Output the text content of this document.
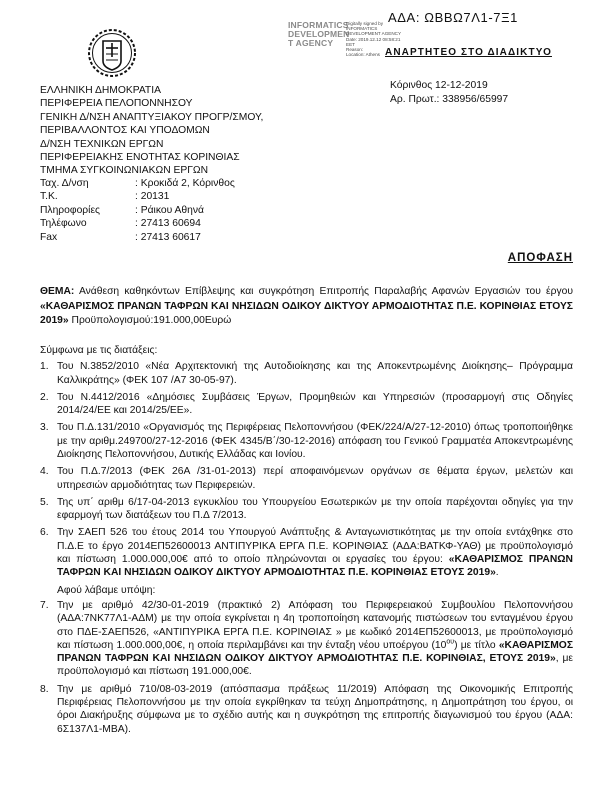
ΑΔΑ: ΩΒΒΩ7Λ1-7Ξ1
INFORMATICS
DEVELOPMEN
T AGENCY
Digitally signed by
INFORMATICS
DEVELOPMENT AGENCY
Date: 2019.12.12 08:58:21
EET
Reason:
Location: Athens ΑΝΑΡΤΗΤΕΟ ΣΤΟ ΔΙΑΔΙΚΤΥΟ
Κόρινθος 12-12-2019
Αρ. Πρωτ.: 338956/65997
ΕΛΛΗΝΙΚΗ ΔΗΜΟΚΡΑΤΙΑ
ΠΕΡΙΦΕΡΕΙΑ ΠΕΛΟΠΟΝΝΗΣΟΥ
ΓΕΝΙΚΗ Δ/ΝΣΗ ΑΝΑΠΤΥΞΙΑΚΟΥ ΠΡΟΓΡ/ΣΜΟΥ,
ΠΕΡΙΒΑΛΛΟΝΤΟΣ ΚΑΙ ΥΠΟΔΟΜΩΝ
Δ/ΝΣΗ ΤΕΧΝΙΚΩΝ ΕΡΓΩΝ
ΠΕΡΙΦΕΡΕΙΑΚΗΣ ΕΝΟΤΗΤΑΣ ΚΟΡΙΝΘΙΑΣ
ΤΜΗΜΑ ΣΥΓΚΟΙΝΩΝΙΑΚΩΝ ΕΡΓΩΝ
Ταχ. Δ/νση	: Κροκιδά 2, Κόρινθος
Τ.Κ.	: 20131
Πληροφορίες	: Ράικου Αθηνά
Τηλέφωνο	: 27413 60694
Fax	: 27413 60617
ΑΠΟΦΑΣΗ

ΘΕΜΑ: Ανάθεση καθηκόντων Επίβλεψης και συγκρότηση Επιτροπής Παραλαβής Αφανών Εργασιών του έργου «ΚΑΘΑΡΙΣΜΟΣ ΠΡΑΝΩΝ ΤΑΦΡΩΝ ΚΑΙ ΝΗΣΙΔΩΝ ΟΔΙΚΟΥ ΔΙΚΤΥΟΥ ΑΡΜΟΔΙΟΤΗΤΑΣ Π.Ε. ΚΟΡΙΝΘΙΑΣ ΕΤΟΥΣ 2019» Προϋπολογισμού:191.000,00Ευρώ

Σύμφωνα με τις διατάξεις:
1. Του Ν.3852/2010 «Νέα Αρχιτεκτονική της Αυτοδιοίκησης και της Αποκεντρωμένης Διοίκησης– Πρόγραμμα Καλλικράτης» (ΦΕΚ 107 /Α7 30-05-97).
2. Του Ν.4412/2016 «Δημόσιες Συμβάσεις Έργων, Προμηθειών και Υπηρεσιών (προσαρμογή στις Οδηγίες 2014/24/ΕΕ και 2014/25/ΕΕ».
3. Του Π.Δ.131/2010 «Οργανισμός της Περιφέρειας Πελοποννήσου (ΦΕΚ/224/Α/27-12-2010) όπως τροποποιήθηκε με την αριθμ.249700/27-12-2016 (ΦΕΚ 4345/Β΄/30-12-2016) απόφαση του Γενικού Γραμματέα Αποκεντρωμένης Διοίκησης Πελοποννήσου, Δυτικής Ελλάδας και Ιονίου.
4. Του Π.Δ.7/2013 (ΦΕΚ 26Α /31-01-2013) περί αποφαινόμενων οργάνων σε θέματα έργων, μελετών και υπηρεσιών αρμοδιότητας των Περιφερειών.
5. Της υπ΄ αριθμ 6/17-04-2013 εγκυκλίου του Υπουργείου Εσωτερικών με την οποία παρέχονται οδηγίες για την εφαρμογή των διατάξεων του Π.Δ 7/2013.
6. Την ΣΑΕΠ 526 του έτους 2014 του Υπουργού Ανάπτυξης & Ανταγωνιστικότητας με την οποία εντάχθηκε στο Π.Δ.Ε το έργο 2014ΕΠ52600013 ΑΝΤΙΠΥΡΙΚΑ ΕΡΓΑ Π.Ε. ΚΟΡΙΝΘΙΑΣ (ΑΔΑ:ΒΑΤΚΦ-ΥΑΘ) με προϋπολογισμό και πίστωση 1.000.000,00€ από το οποίο πληρώνονται οι εργασίες του έργου: «ΚΑΘΑΡΙΣΜΟΣ ΠΡΑΝΩΝ ΤΑΦΡΩΝ ΚΑΙ ΝΗΣΙΔΩΝ ΟΔΙΚΟΥ ΔΙΚΤΥΟΥ ΑΡΜΟΔΙΟΤΗΤΑΣ Π.Ε. ΚΟΡΙΝΘΙΑΣ ΕΤΟΥΣ 2019».
Αφού λάβαμε υπόψη:
7. Την με αριθμό 42/30-01-2019 (πρακτικό 2) Απόφαση του Περιφερειακού Συμβουλίου Πελοποννήσου (ΑΔΑ:7ΝΚ77Λ1-ΑΔΜ) με την οποία εγκρίνεται η 4η τροποποίηση κατανομής πιστώσεων του ενταγμένου έργου στο ΠΔΕ-ΣΑΕΠ526, «ΑΝΤΙΠΥΡΙΚΑ ΕΡΓΑ Π.Ε. ΚΟΡΙΝΘΙΑΣ » με κωδικό 2014ΕΠ52600013, με προϋπολογισμό και πίστωση 1.000.000,00€, η οποία περιλαμβάνει και την ένταξη νέου υποέργου $(10^{o\upsilon})$ με τίτλο «ΚΑΘΑΡΙΣΜΟΣ ΠΡΑΝΩΝ ΤΑΦΡΩΝ ΚΑΙ ΝΗΣΙΔΩΝ ΟΔΙΚΟΥ ΔΙΚΤΥΟΥ ΑΡΜΟΔΙΟΤΗΤΑΣ Π.Ε. ΚΟΡΙΝΘΙΑΣ, ΕΤΟΥΣ 2019», με προϋπολογισμό και πίστωση 191.000,00€.
8. Την με αριθμό 710/08-03-2019 (απόσπασμα πράξεως 11/2019) Απόφαση της Οικονομικής Επιτροπής Περιφέρειας Πελοποννήσου με την οποία εγκρίθηκαν τα τεύχη Δημοπράτησης, η Δημοπράτηση του έργου, οι όροι Διακήρυξης σύμφωνα με το σχέδιο αυτής και η συγκρότηση της επιτροπής διαγωνισμού του έργου (ΑΔΑ: 6Σ137Λ1-ΜΒΑ).
